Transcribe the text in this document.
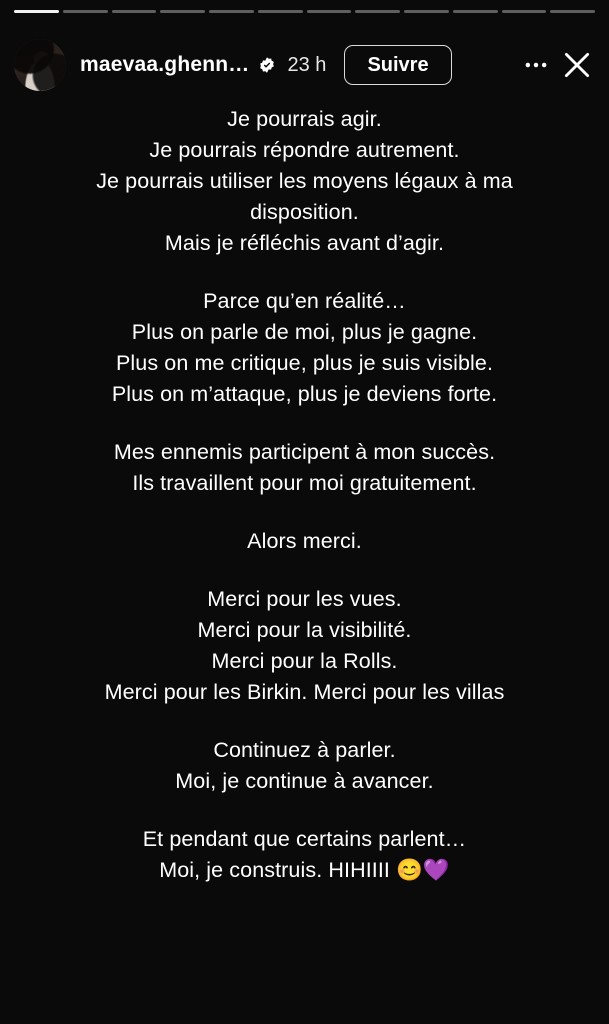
maevaa.ghenn… 23 h	Suivre
Je pourrais agir.
Je pourrais répondre autrement.
Je pourrais utiliser les moyens légaux à ma
disposition.
Mais je réfléchis avant d’agir.
Parce qu’en réalité…
Plus on parle de moi, plus je gagne.
Plus on me critique, plus je suis visible.
Plus on m’attaque, plus je deviens forte.
Mes ennemis participent à mon succès.
Ils travaillent pour moi gratuitement.
Alors merci.
Merci pour les vues.
Merci pour la visibilité.
Merci pour la Rolls.
Merci pour les Birkin. Merci pour les villas
Continuez à parler.
Moi, je continue à avancer.
Et pendant que certains parlent…
Moi, je construis. HIHIIII 😊💜
